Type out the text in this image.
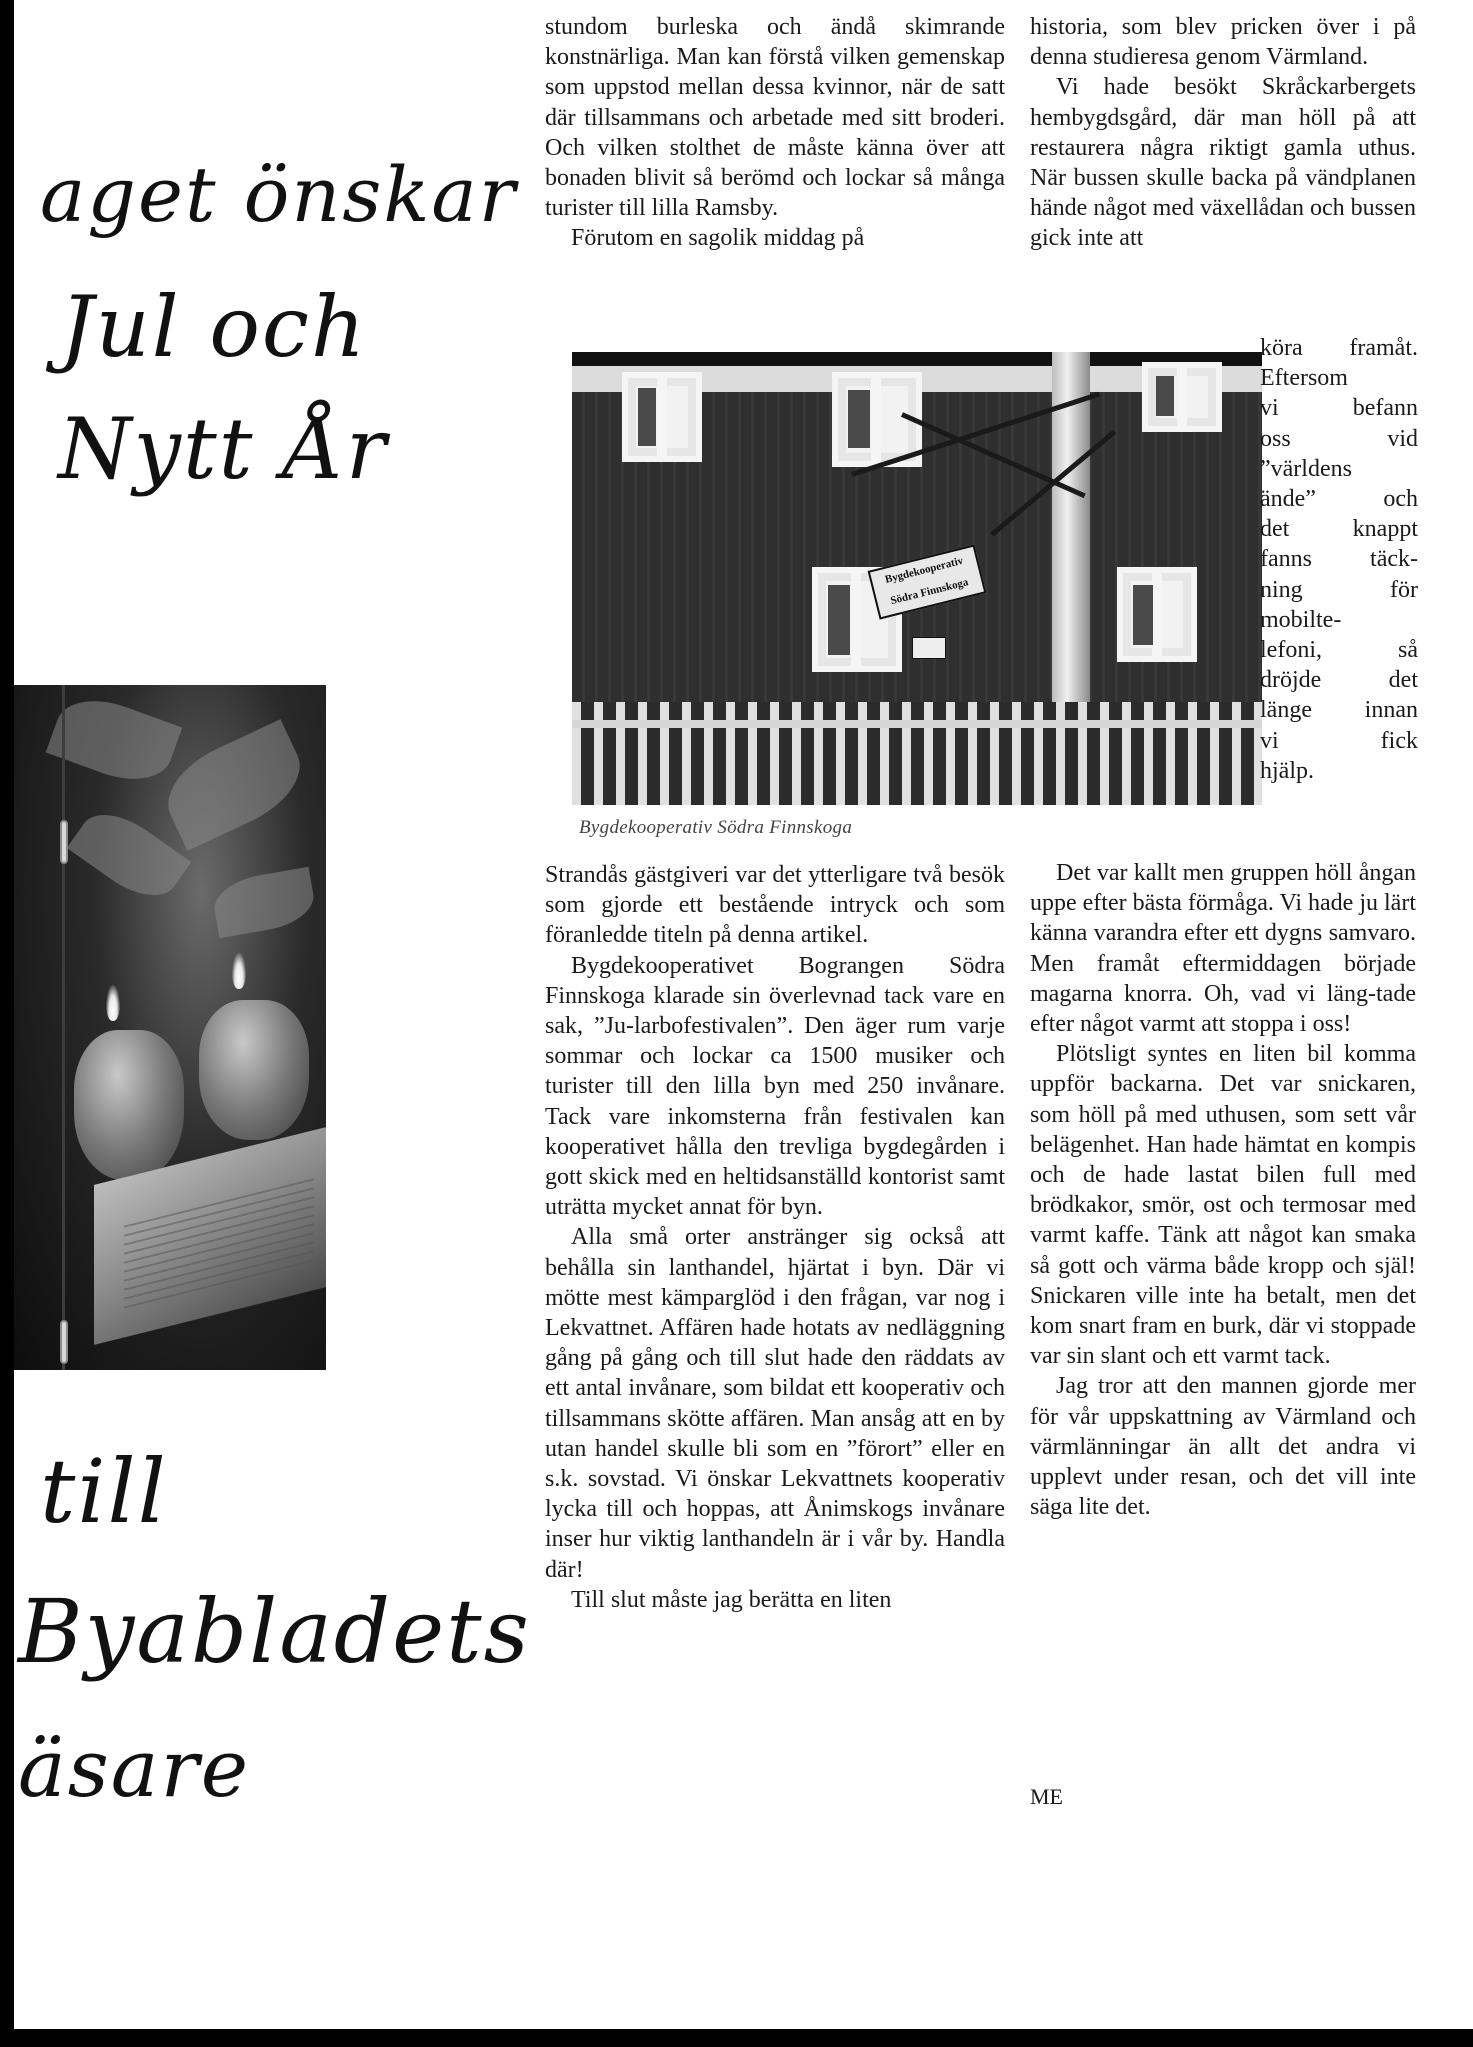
aget önskar
Jul och
Nytt År
till
Byabladets
äsare

stundom burleska och ändå skimrande konstnärliga. Man kan förstå vilken gemenskap som uppstod mellan dessa kvinnor, när de satt där tillsammans och arbetade med sitt broderi. Och vilken stolthet de måste känna över att bonaden blivit så berömd och lockar så många turister till lilla Ramsby.

Förutom en sagolik middag på

Bygdekooperativ Södra Finnskoga
Bygdekooperativ Södra Finnskoga

Strandås gästgiveri var det ytterligare två besök som gjorde ett bestående intryck och som föranledde titeln på denna artikel.

Bygdekooperativet Bograngen Södra Finnskoga klarade sin överlevnad tack vare en sak, ”Ju-larbofestivalen”. Den äger rum varje sommar och lockar ca 1500 musiker och turister till den lilla byn med 250 invånare. Tack vare inkomsterna från festivalen kan kooperativet hålla den trevliga bygdegården i gott skick med en heltidsanställd kontorist samt uträtta mycket annat för byn.

Alla små orter anstränger sig också att behålla sin lanthandel, hjärtat i byn. Där vi mötte mest kämparglöd i den frågan, var nog i Lekvattnet. Affären hade hotats av nedläggning gång på gång och till slut hade den räddats av ett antal invånare, som bildat ett kooperativ och tillsammans skötte affären. Man ansåg att en by utan handel skulle bli som en ”förort” eller en s.k. sovstad. Vi önskar Lekvattnets kooperativ lycka till och hoppas, att Ånimskogs invånare inser hur viktig lanthandeln är i vår by. Handla där!

Till slut måste jag berätta en liten

historia, som blev pricken över i på denna studieresa genom Värmland.

Vi hade besökt Skråckarbergets hembygdsgård, där man höll på att restaurera några riktigt gamla uthus. När bussen skulle backa på vändplanen hände något med växellådan och bussen gick inte att

köra framåt.
Eftersom
vi befann
oss vid
”världens
ände” och
det knappt
fanns täck-
ning för
mobilte-
lefoni, så
dröjde det
länge innan
vi fick
hjälp.

Det var kallt men gruppen höll ångan uppe efter bästa förmåga. Vi hade ju lärt känna varandra efter ett dygns samvaro. Men framåt eftermiddagen började magarna knorra. Oh, vad vi läng-tade efter något varmt att stoppa i oss!

Plötsligt syntes en liten bil komma uppför backarna. Det var snickaren, som höll på med uthusen, som sett vår belägenhet. Han hade hämtat en kompis och de hade lastat bilen full med brödkakor, smör, ost och termosar med varmt kaffe. Tänk att något kan smaka så gott och värma både kropp och själ! Snickaren ville inte ha betalt, men det kom snart fram en burk, där vi stoppade var sin slant och ett varmt tack.

Jag tror att den mannen gjorde mer för vår uppskattning av Värmland och värmlänningar än allt det andra vi upplevt under resan, och det vill inte säga lite det.

ME
